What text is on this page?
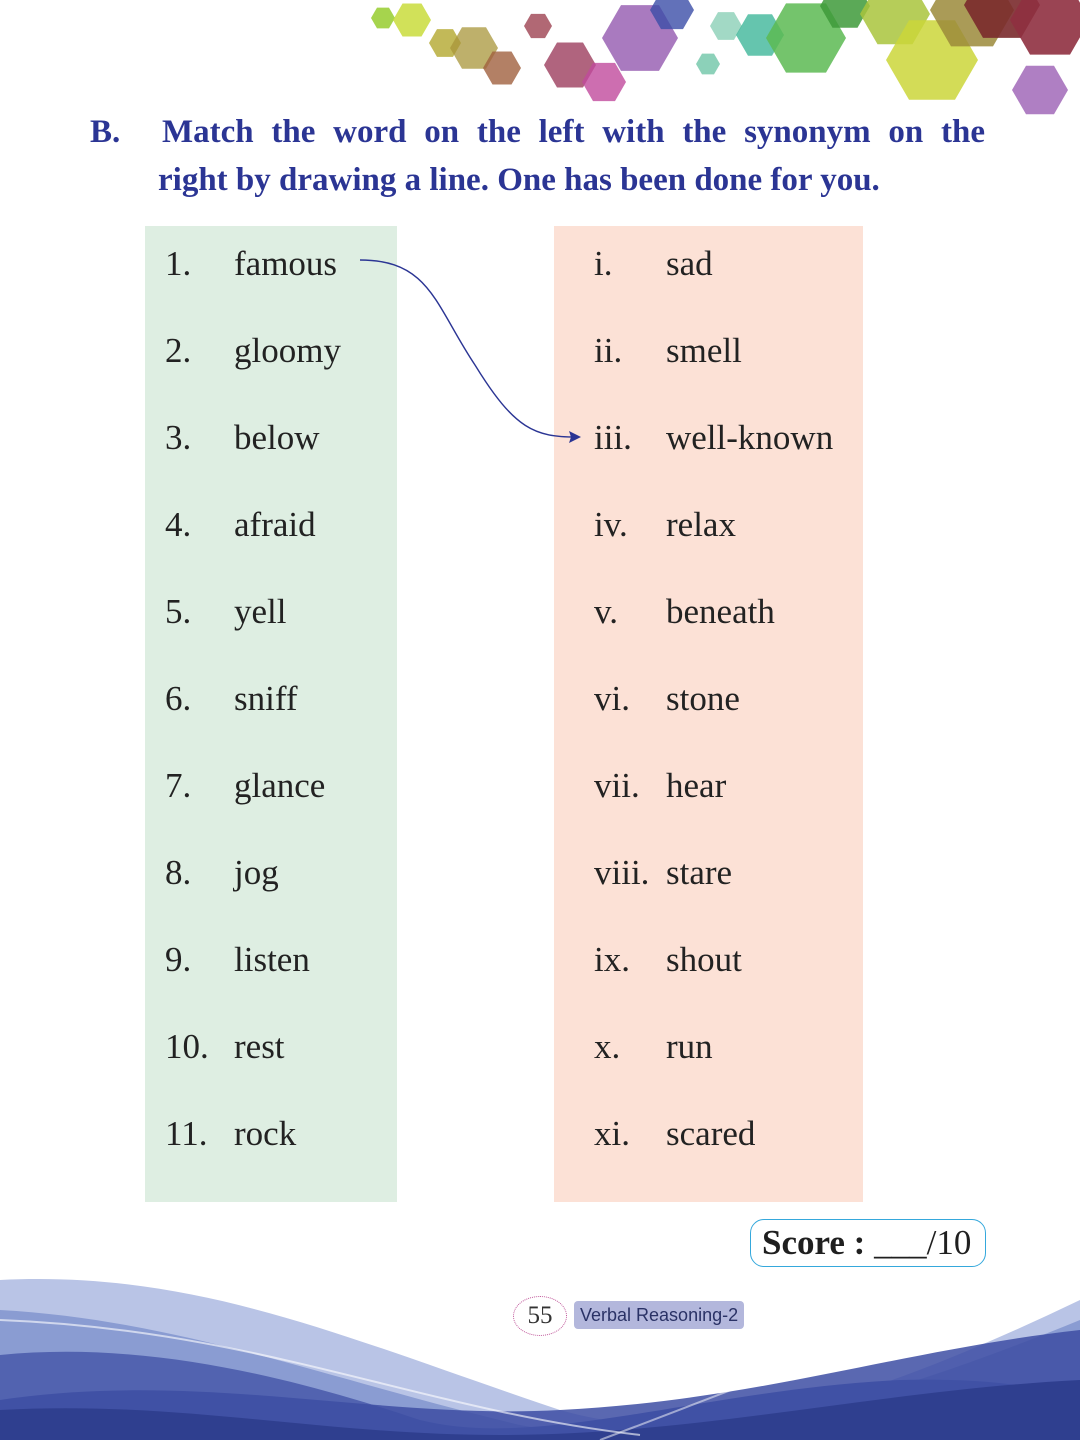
B. Match the word on the left with the synonym on the
right by drawing a line. One has been done for you.
1. famous
2. gloomy
3. below
4. afraid
5. yell
6. sniff
7. glance
8. jog
9. listen
10. rest
11. rock
i. sad
ii. smell
iii. well-known
iv. relax
v. beneath
vi. stone
vii. hear
viii. stare
ix. shout
x. run
xi. scared
Score : ___/10
55	Verbal Reasoning-2
